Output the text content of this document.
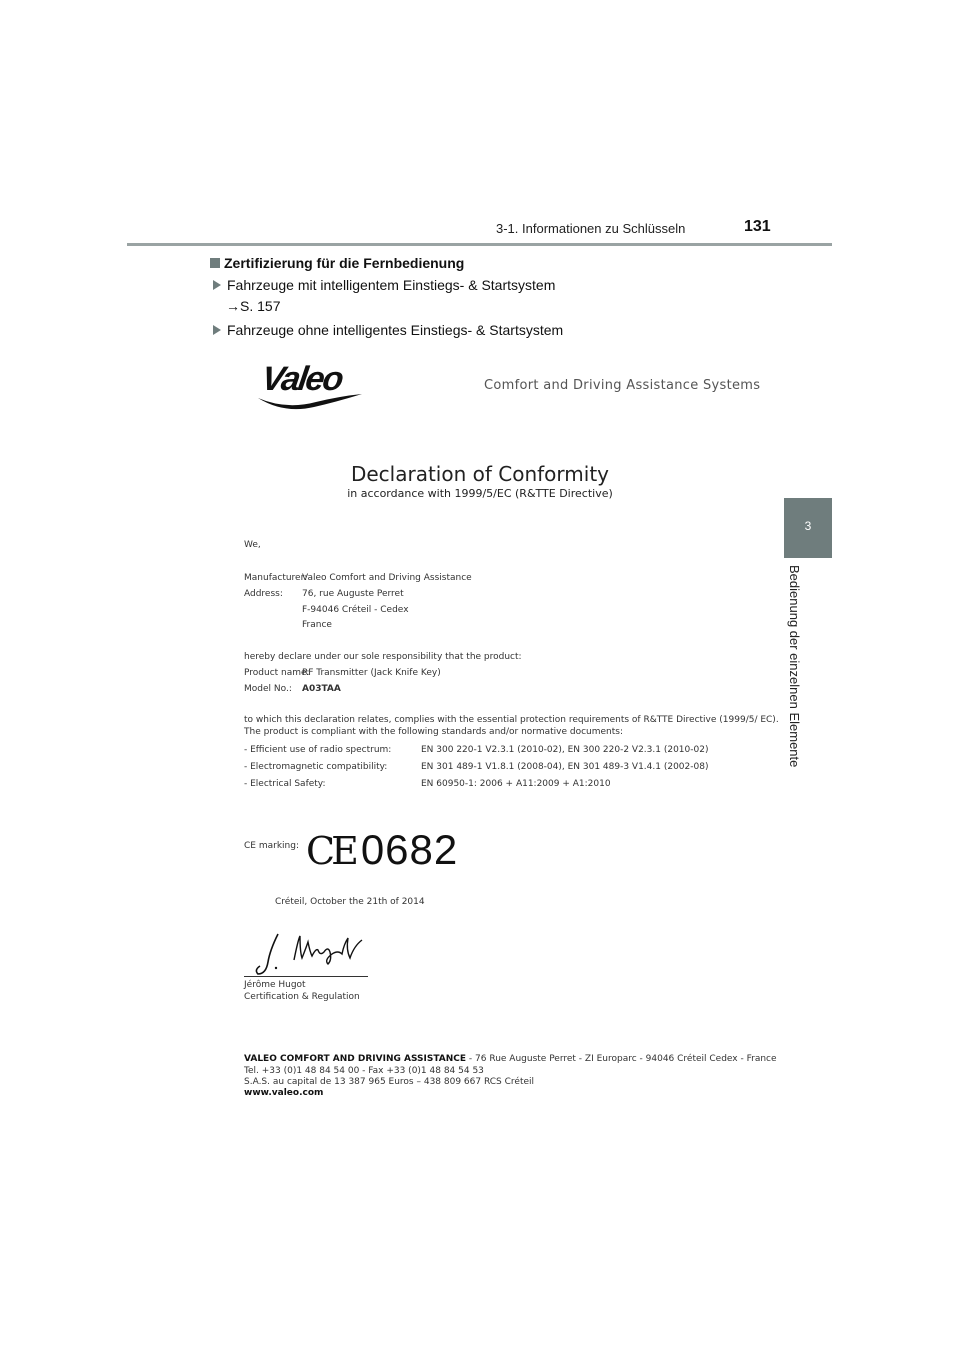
3-1. Informationen zu Schlüsseln	131
3
Bedienung der einzelnen Elemente
Zertifizierung für die Fernbedienung
Fahrzeuge mit intelligentem Einstiegs- & Startsystem
→S. 157
Fahrzeuge ohne intelligentes Einstiegs- & Startsystem
Valeo	Comfort and Driving Assistance Systems
Declaration of Conformity
in accordance with 1999/5/EC (R&TTE Directive)
We,
Manufacturer:
Valeo Comfort and Driving Assistance
Address: 76, rue Auguste Perret
F-94046 Créteil - Cedex
France
hereby declare under our sole responsibility that the product:
Product name:
RF Transmitter (Jack Knife Key)
Model No.: A03TAA
to which this declaration relates, complies with the essential protection requirements of R&TTE Directive (1999/5/ EC).
The product is compliant with the following standards and/or normative documents:
- Efficient use of radio spectrum:	EN 300 220-1 V2.3.1 (2010-02), EN 300 220-2 V2.3.1 (2010-02)
- Electromagnetic compatibility:	EN 301 489-1 V1.8.1 (2008-04), EN 301 489-3 V1.4.1 (2002-08)
- Electrical Safety:	EN 60950-1: 2006 + A11:2009 + A1:2010
CE marking: CE 0682
Créteil, October the 21th of 2014
Jérôme Hugot
Certification & Regulation
VALEO COMFORT AND DRIVING ASSISTANCE - 76 Rue Auguste Perret - ZI Europarc - 94046 Créteil Cedex - France
Tel. +33 (0)1 48 84 54 00 - Fax +33 (0)1 48 84 54 53
S.A.S. au capital de 13 387 965 Euros – 438 809 667 RCS Créteil
www.valeo.com
